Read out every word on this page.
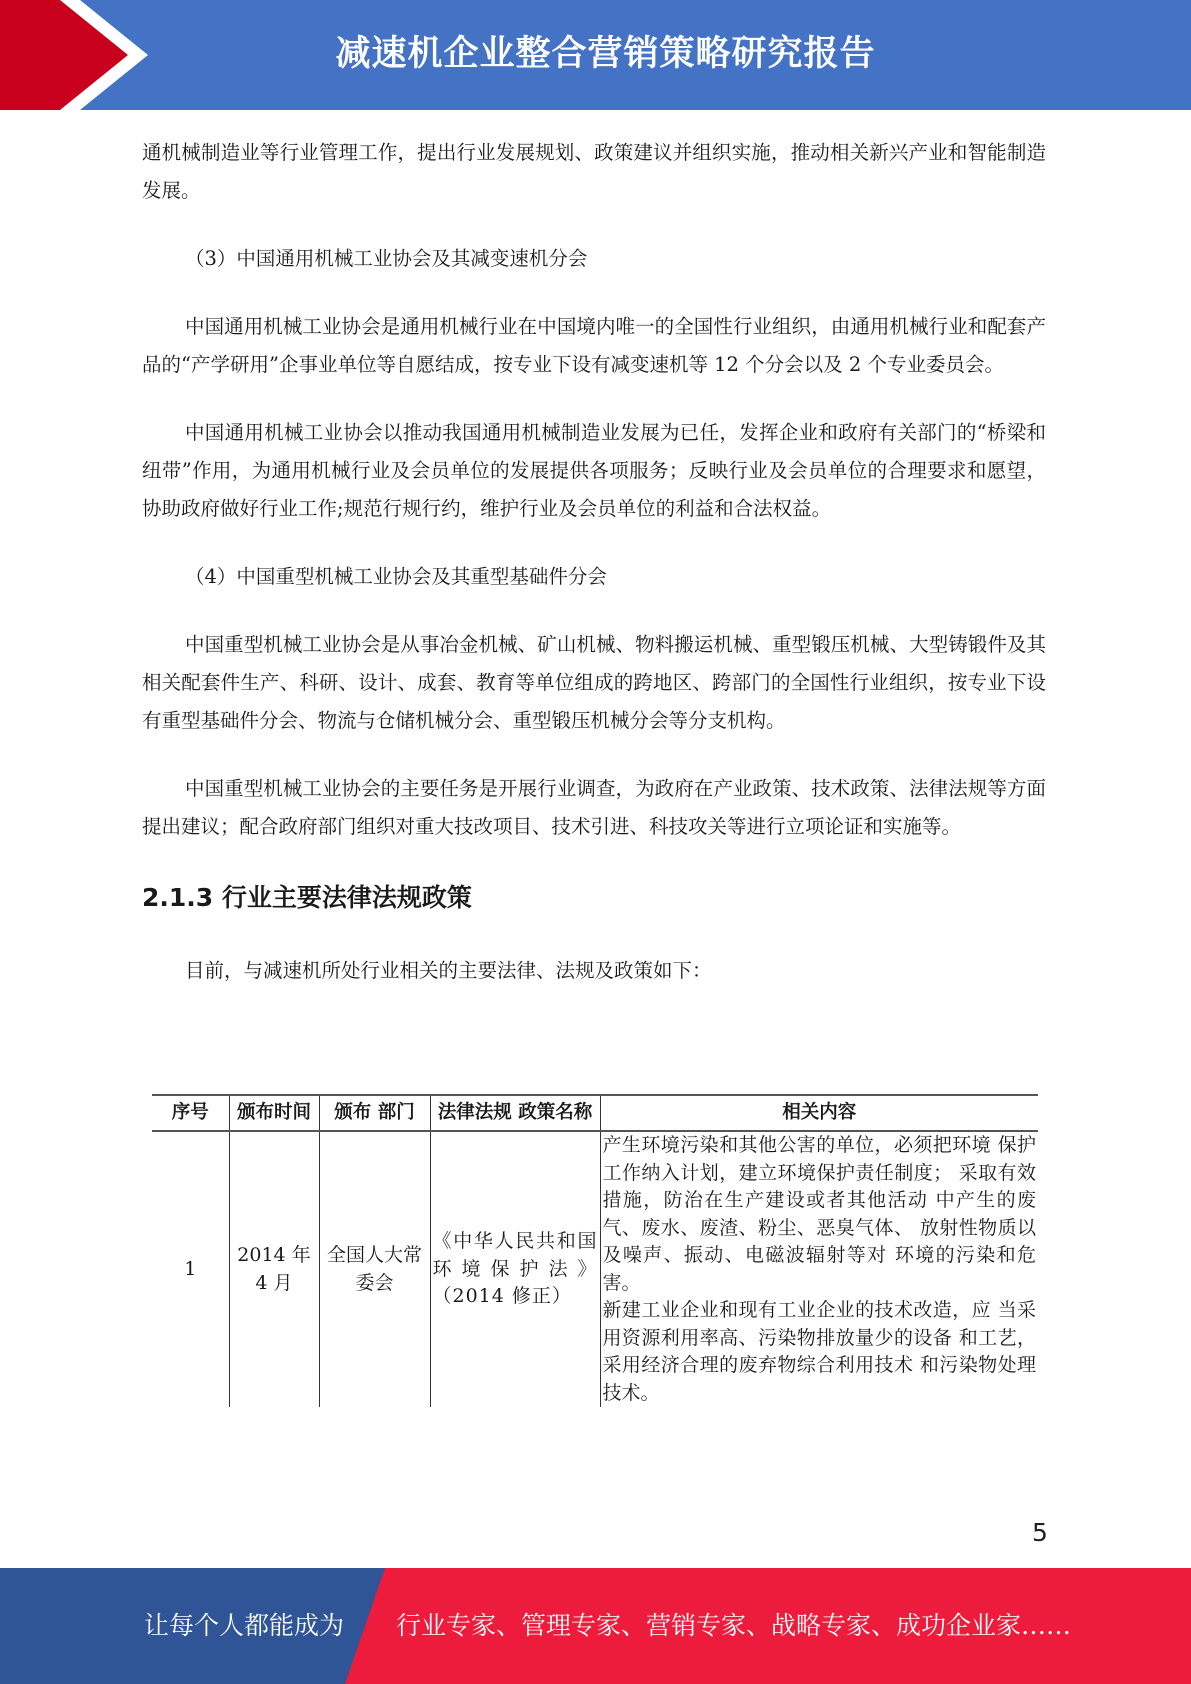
减速机企业整合营销策略研究报告

通机械制造业等行业管理工作，提出行业发展规划、政策建议并组织实施，推动相关新兴产业和智能制造发展。

（3）中国通用机械工业协会及其减变速机分会

中国通用机械工业协会是通用机械行业在中国境内唯一的全国性行业组织，由通用机械行业和配套产品的“产学研用”企事业单位等自愿结成，按专业下设有减变速机等 12 个分会以及 2 个专业委员会。

中国通用机械工业协会以推动我国通用机械制造业发展为已任，发挥企业和政府有关部门的“桥梁和纽带”作用，为通用机械行业及会员单位的发展提供各项服务；反映行业及会员单位的合理要求和愿望，协助政府做好行业工作;规范行规行约，维护行业及会员单位的利益和合法权益。

（4）中国重型机械工业协会及其重型基础件分会

中国重型机械工业协会是从事冶金机械、矿山机械、物料搬运机械、重型锻压机械、大型铸锻件及其相关配套件生产、科研、设计、成套、教育等单位组成的跨地区、跨部门的全国性行业组织，按专业下设有重型基础件分会、物流与仓储机械分会、重型锻压机械分会等分支机构。

中国重型机械工业协会的主要任务是开展行业调查，为政府在产业政策、技术政策、法律法规等方面提出建议；配合政府部门组织对重大技改项目、技术引进、科技攻关等进行立项论证和实施等。

2.1.3 行业主要法律法规政策

目前，与减速机所处行业相关的主要法律、法规及政策如下：

序号	颁布时间	颁布 部门	法律法规 政策名称	相关内容
1	2014 年 4 月	全国人大常委会	《中华人民共和国环境保护法》（2014 修正）	产生环境污染和其他公害的单位，必须把环境 保护工作纳入计划，建立环境保护责任制度； 采取有效措施，防治在生产建设或者其他活动 中产生的废气、废水、废渣、粉尘、恶臭气体、 放射性物质以及噪声、振动、电磁波辐射等对 环境的污染和危害。
新建工业企业和现有工业企业的技术改造，应 当采用资源利用率高、污染物排放量少的设备 和工艺，采用经济合理的废弃物综合利用技术 和污染物处理技术。
5
让每个人都能成为 行业专家、管理专家、营销专家、战略专家、成功企业家……
